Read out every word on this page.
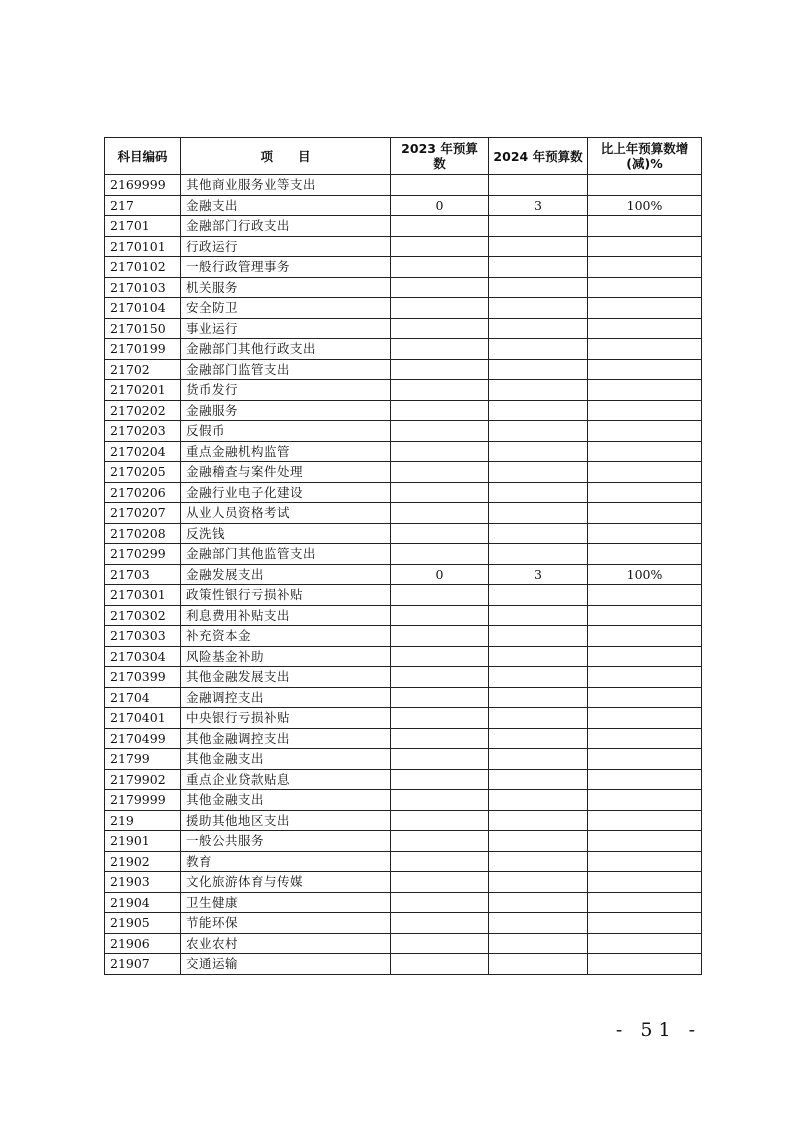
科目编码	项　　目	2023 年预算数	2024 年预算数	比上年预算数增(减)%
2169999	其他商业服务业等支出			
217	金融支出	0	3	100%
21701	金融部门行政支出			
2170101	行政运行			
2170102	一般行政管理事务			
2170103	机关服务			
2170104	安全防卫			
2170150	事业运行			
2170199	金融部门其他行政支出			
21702	金融部门监管支出			
2170201	货币发行			
2170202	金融服务			
2170203	反假币			
2170204	重点金融机构监管			
2170205	金融稽查与案件处理			
2170206	金融行业电子化建设			
2170207	从业人员资格考试			
2170208	反洗钱			
2170299	金融部门其他监管支出			
21703	金融发展支出	0	3	100%
2170301	政策性银行亏损补贴			
2170302	利息费用补贴支出			
2170303	补充资本金			
2170304	风险基金补助			
2170399	其他金融发展支出			
21704	金融调控支出			
2170401	中央银行亏损补贴			
2170499	其他金融调控支出			
21799	其他金融支出			
2179902	重点企业贷款贴息			
2179999	其他金融支出			
219	援助其他地区支出			
21901	一般公共服务			
21902	教育			
21903	文化旅游体育与传媒			
21904	卫生健康			
21905	节能环保			
21906	农业农村			
21907	交通运输			
- 51 -
